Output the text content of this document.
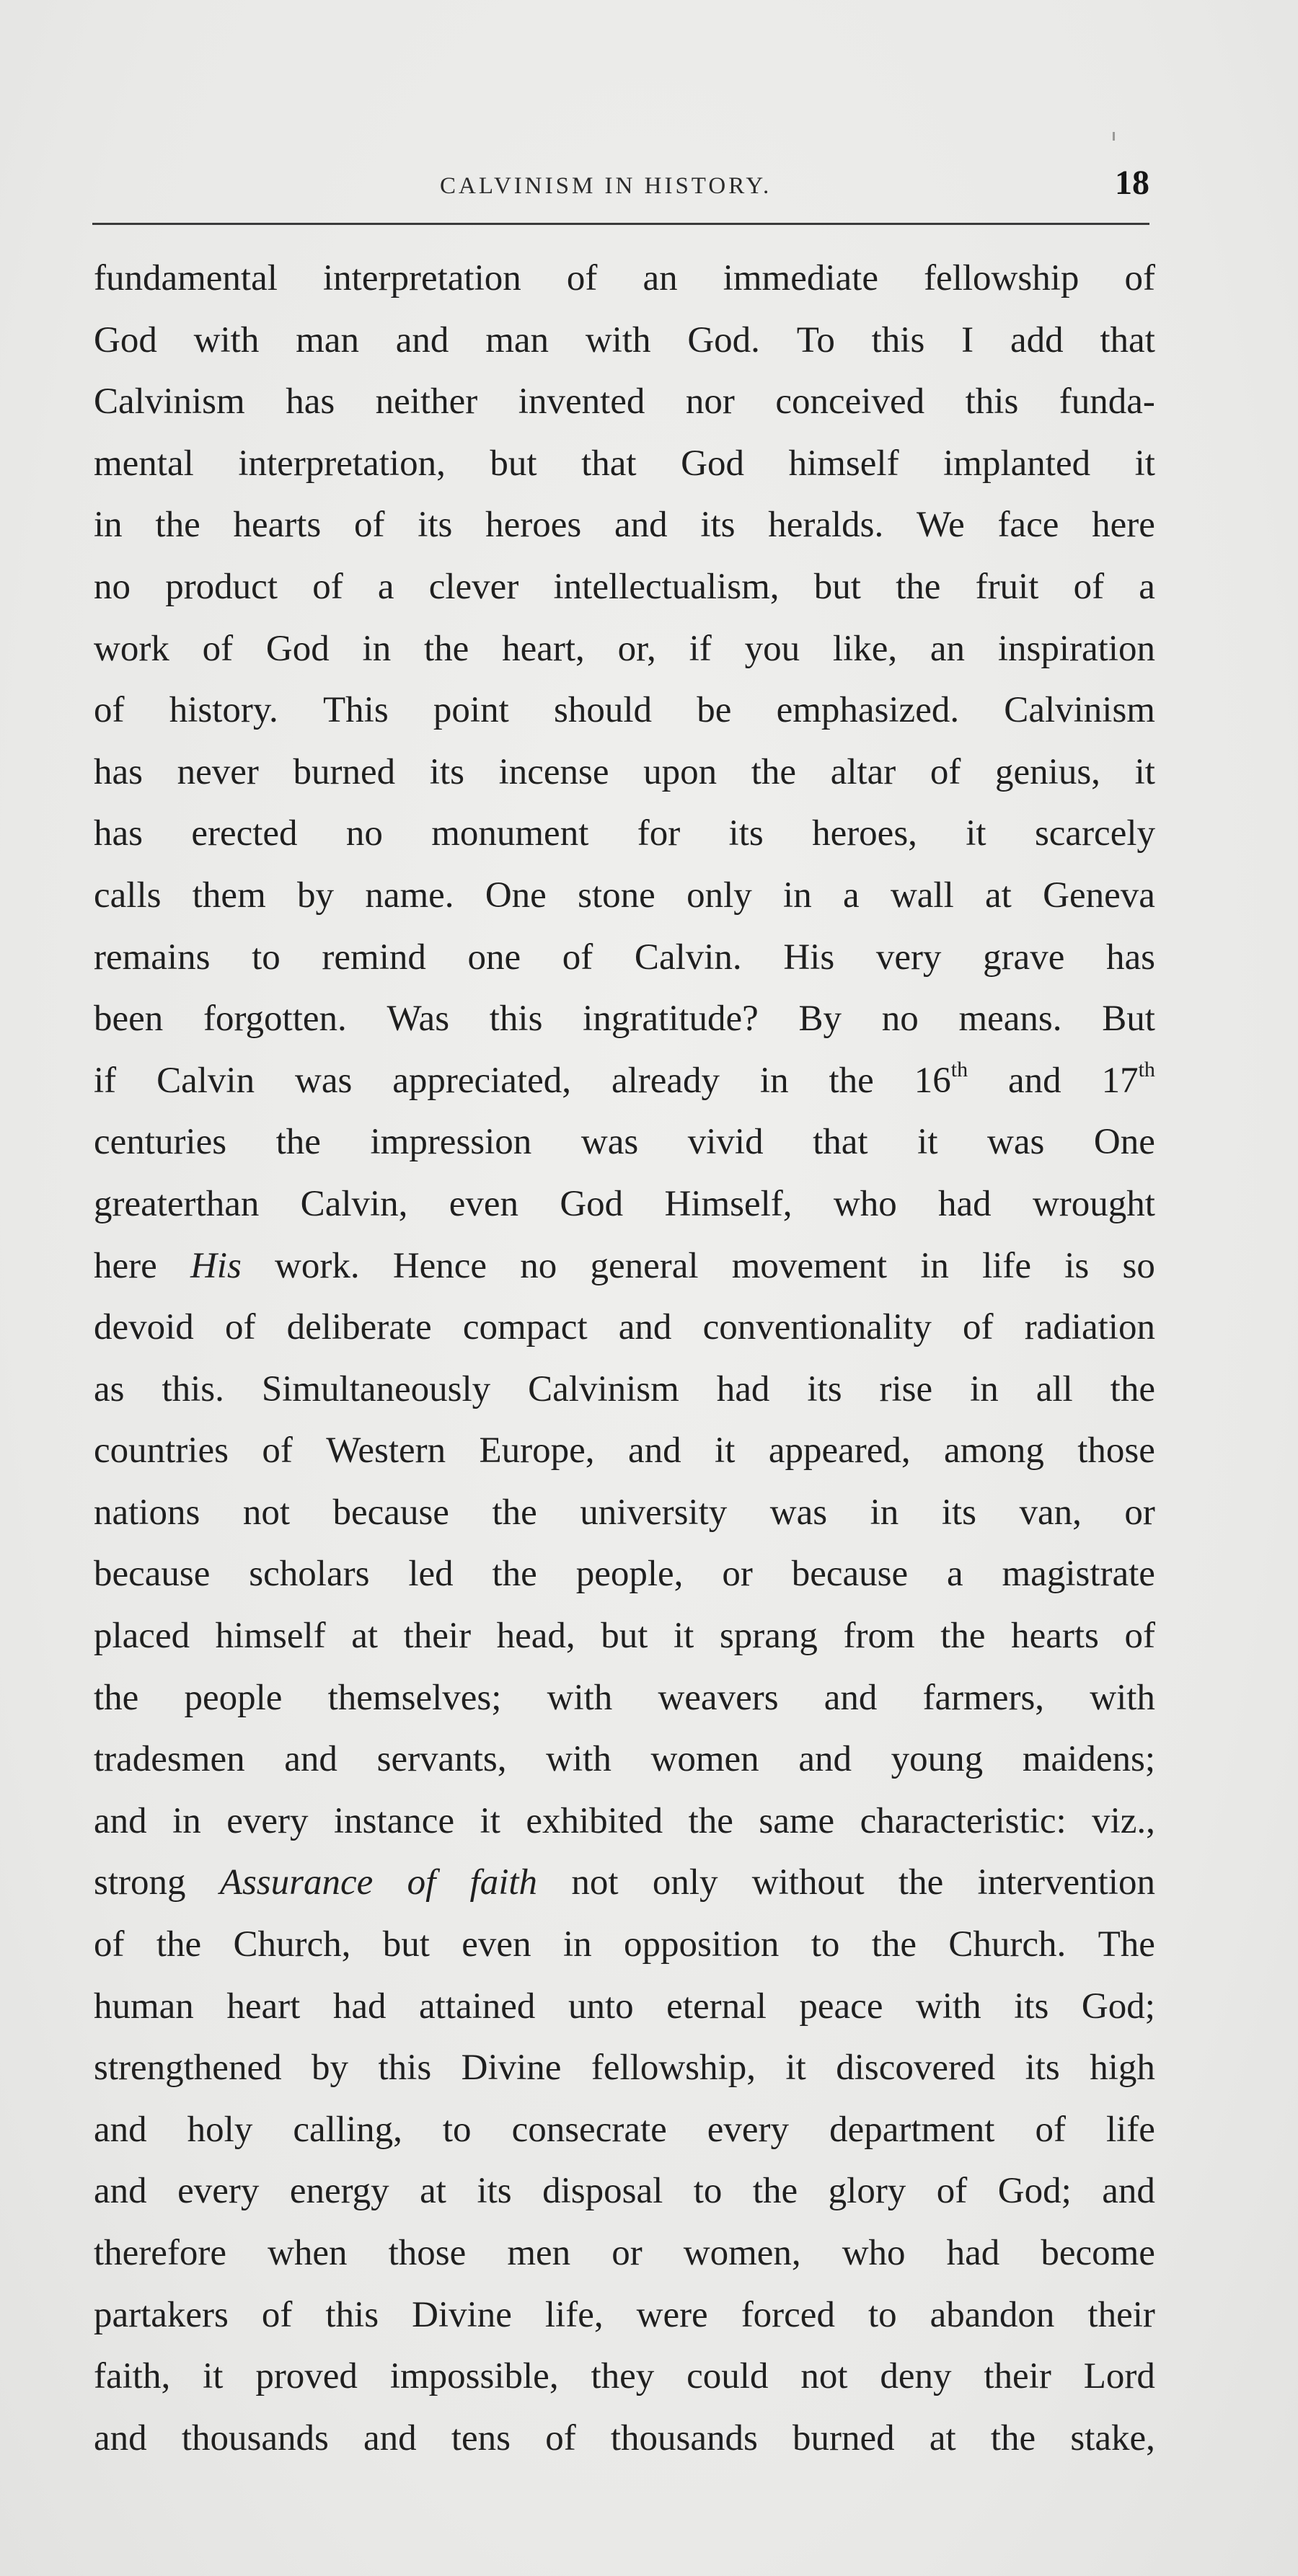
CALVINISM IN HISTORY.	18
fundamental interpretation of an immediate fellowship of
God with man and man with God. To this I add that
Calvinism has neither invented nor conceived this funda-
mental interpretation, but that God himself implanted it
in the hearts of its heroes and its heralds. We face here
no product of a clever intellectualism, but the fruit of a
work of God in the heart, or, if you like, an inspiration
of history. This point should be emphasized. Calvinism
has never burned its incense upon the altar of genius, it
has erected no monument for its heroes, it scarcely
calls them by name. One stone only in a wall at Geneva
remains to remind one of Calvin. His very grave has
been forgotten. Was this ingratitude? By no means. But
if Calvin was appreciated, already in the 16th and 17th
centuries the impression was vivid that it was One
greaterthan Calvin, even God Himself, who had wrought
here His work. Hence no general movement in life is so
devoid of deliberate compact and conventionality of radiation
as this. Simultaneously Calvinism had its rise in all the
countries of Western Europe, and it appeared, among those
nations not because the university was in its van, or
because scholars led the people, or because a magistrate
placed himself at their head, but it sprang from the hearts of
the people themselves; with weavers and farmers, with
tradesmen and servants, with women and young maidens;
and in every instance it exhibited the same characteristic: viz.,
strong Assurance of faith not only without the intervention
of the Church, but even in opposition to the Church. The
human heart had attained unto eternal peace with its God;
strengthened by this Divine fellowship, it discovered its high
and holy calling, to consecrate every department of life
and every energy at its disposal to the glory of God; and
therefore when those men or women, who had become
partakers of this Divine life, were forced to abandon their
faith, it proved impossible, they could not deny their Lord
and thousands and tens of thousands burned at the stake,
